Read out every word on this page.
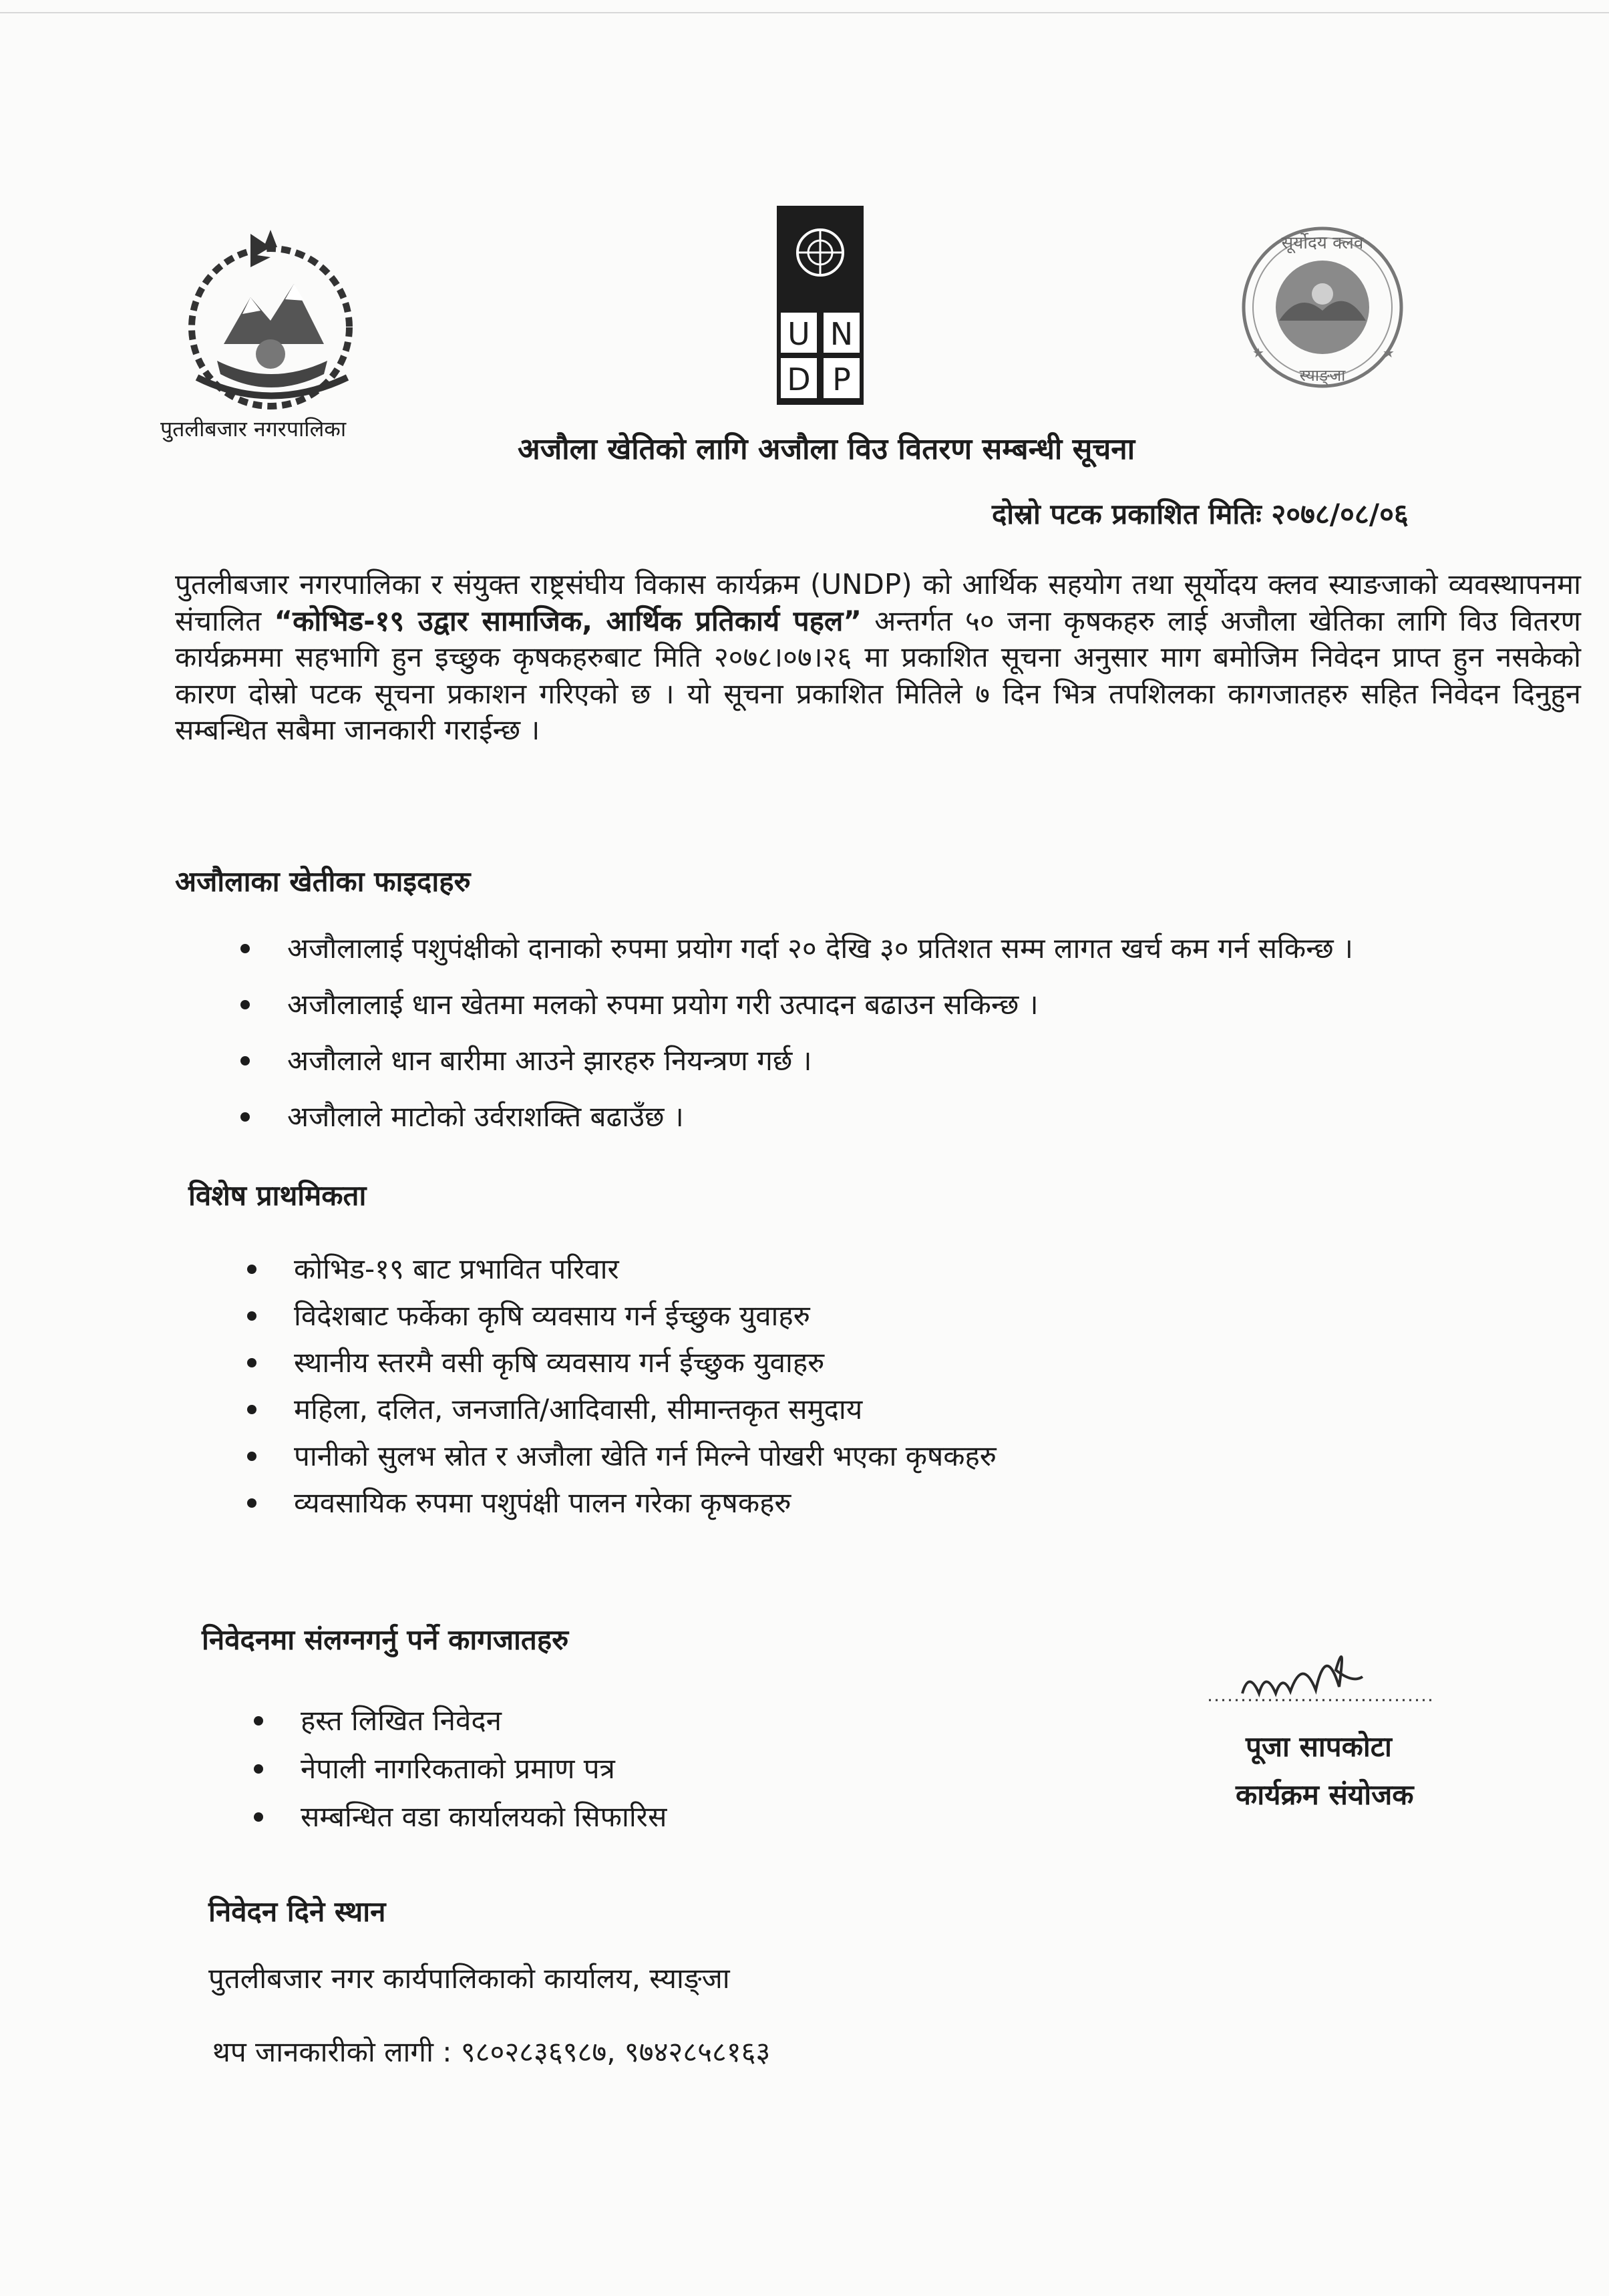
U N
D P
सूर्योदय क्लव
स्याङ्जा
★	★
पुतलीबजार नगरपालिका
अजौला खेतिको लागि अजौला विउ वितरण सम्बन्धी सूचना
दोस्रो पटक प्रकाशित मितिः २०७८/०८/०६
पुतलीबजार नगरपालिका र संयुक्त राष्ट्रसंघीय विकास कार्यक्रम (UNDP) को आर्थिक सहयोग तथा सूर्योदय क्लव स्याङजाको व्यवस्थापनमा संचालित “कोभिड-१९ उद्वार सामाजिक, आर्थिक प्रतिकार्य पहल” अन्तर्गत ५० जना कृषकहरु लाई अजौला खेतिका लागि विउ वितरण कार्यक्रममा सहभागि हुन इच्छुक कृषकहरुबाट मिति २०७८।०७।२६ मा प्रकाशित सूचना अनुसार माग बमोजिम निवेदन प्राप्त हुन नसकेको कारण दोस्रो पटक सूचना प्रकाशन गरिएको छ । यो सूचना प्रकाशित मितिले ७ दिन भित्र तपशिलका कागजातहरु सहित निवेदन दिनुहुन सम्बन्धित सबैमा जानकारी गराईन्छ ।
अजौलाका खेतीका फाइदाहरु
अजौलालाई पशुपंक्षीको दानाको रुपमा प्रयोग गर्दा २० देखि ३० प्रतिशत सम्म लागत खर्च कम गर्न सकिन्छ ।
अजौलालाई धान खेतमा मलको रुपमा प्रयोग गरी उत्पादन बढाउन सकिन्छ ।
अजौलाले धान बारीमा आउने झारहरु नियन्त्रण गर्छ ।
अजौलाले माटोको उर्वराशक्ति बढाउँछ ।
विशेष प्राथमिकता
कोभिड-१९ बाट प्रभावित परिवार
विदेशबाट फर्केका कृषि व्यवसाय गर्न ईच्छुक युवाहरु
स्थानीय स्तरमै वसी कृषि व्यवसाय गर्न ईच्छुक युवाहरु
महिला, दलित, जनजाति/आदिवासी, सीमान्तकृत समुदाय
पानीको सुलभ स्रोत र अजौला खेति गर्न मिल्ने पोखरी भएका कृषकहरु
व्यवसायिक रुपमा पशुपंक्षी पालन गरेका कृषकहरु
निवेदनमा संलग्नगर्नु पर्ने कागजातहरु
हस्त लिखित निवेदन
नेपाली नागरिकताको प्रमाण पत्र
सम्बन्धित वडा कार्यालयको सिफारिस
पूजा सापकोटा
कार्यक्रम संयोजक
निवेदन दिने स्थान
पुतलीबजार नगर कार्यपालिकाको कार्यालय, स्याङ्जा
थप जानकारीको लागी : ९८०२८३६९८७, ९७४२८५८१६३
